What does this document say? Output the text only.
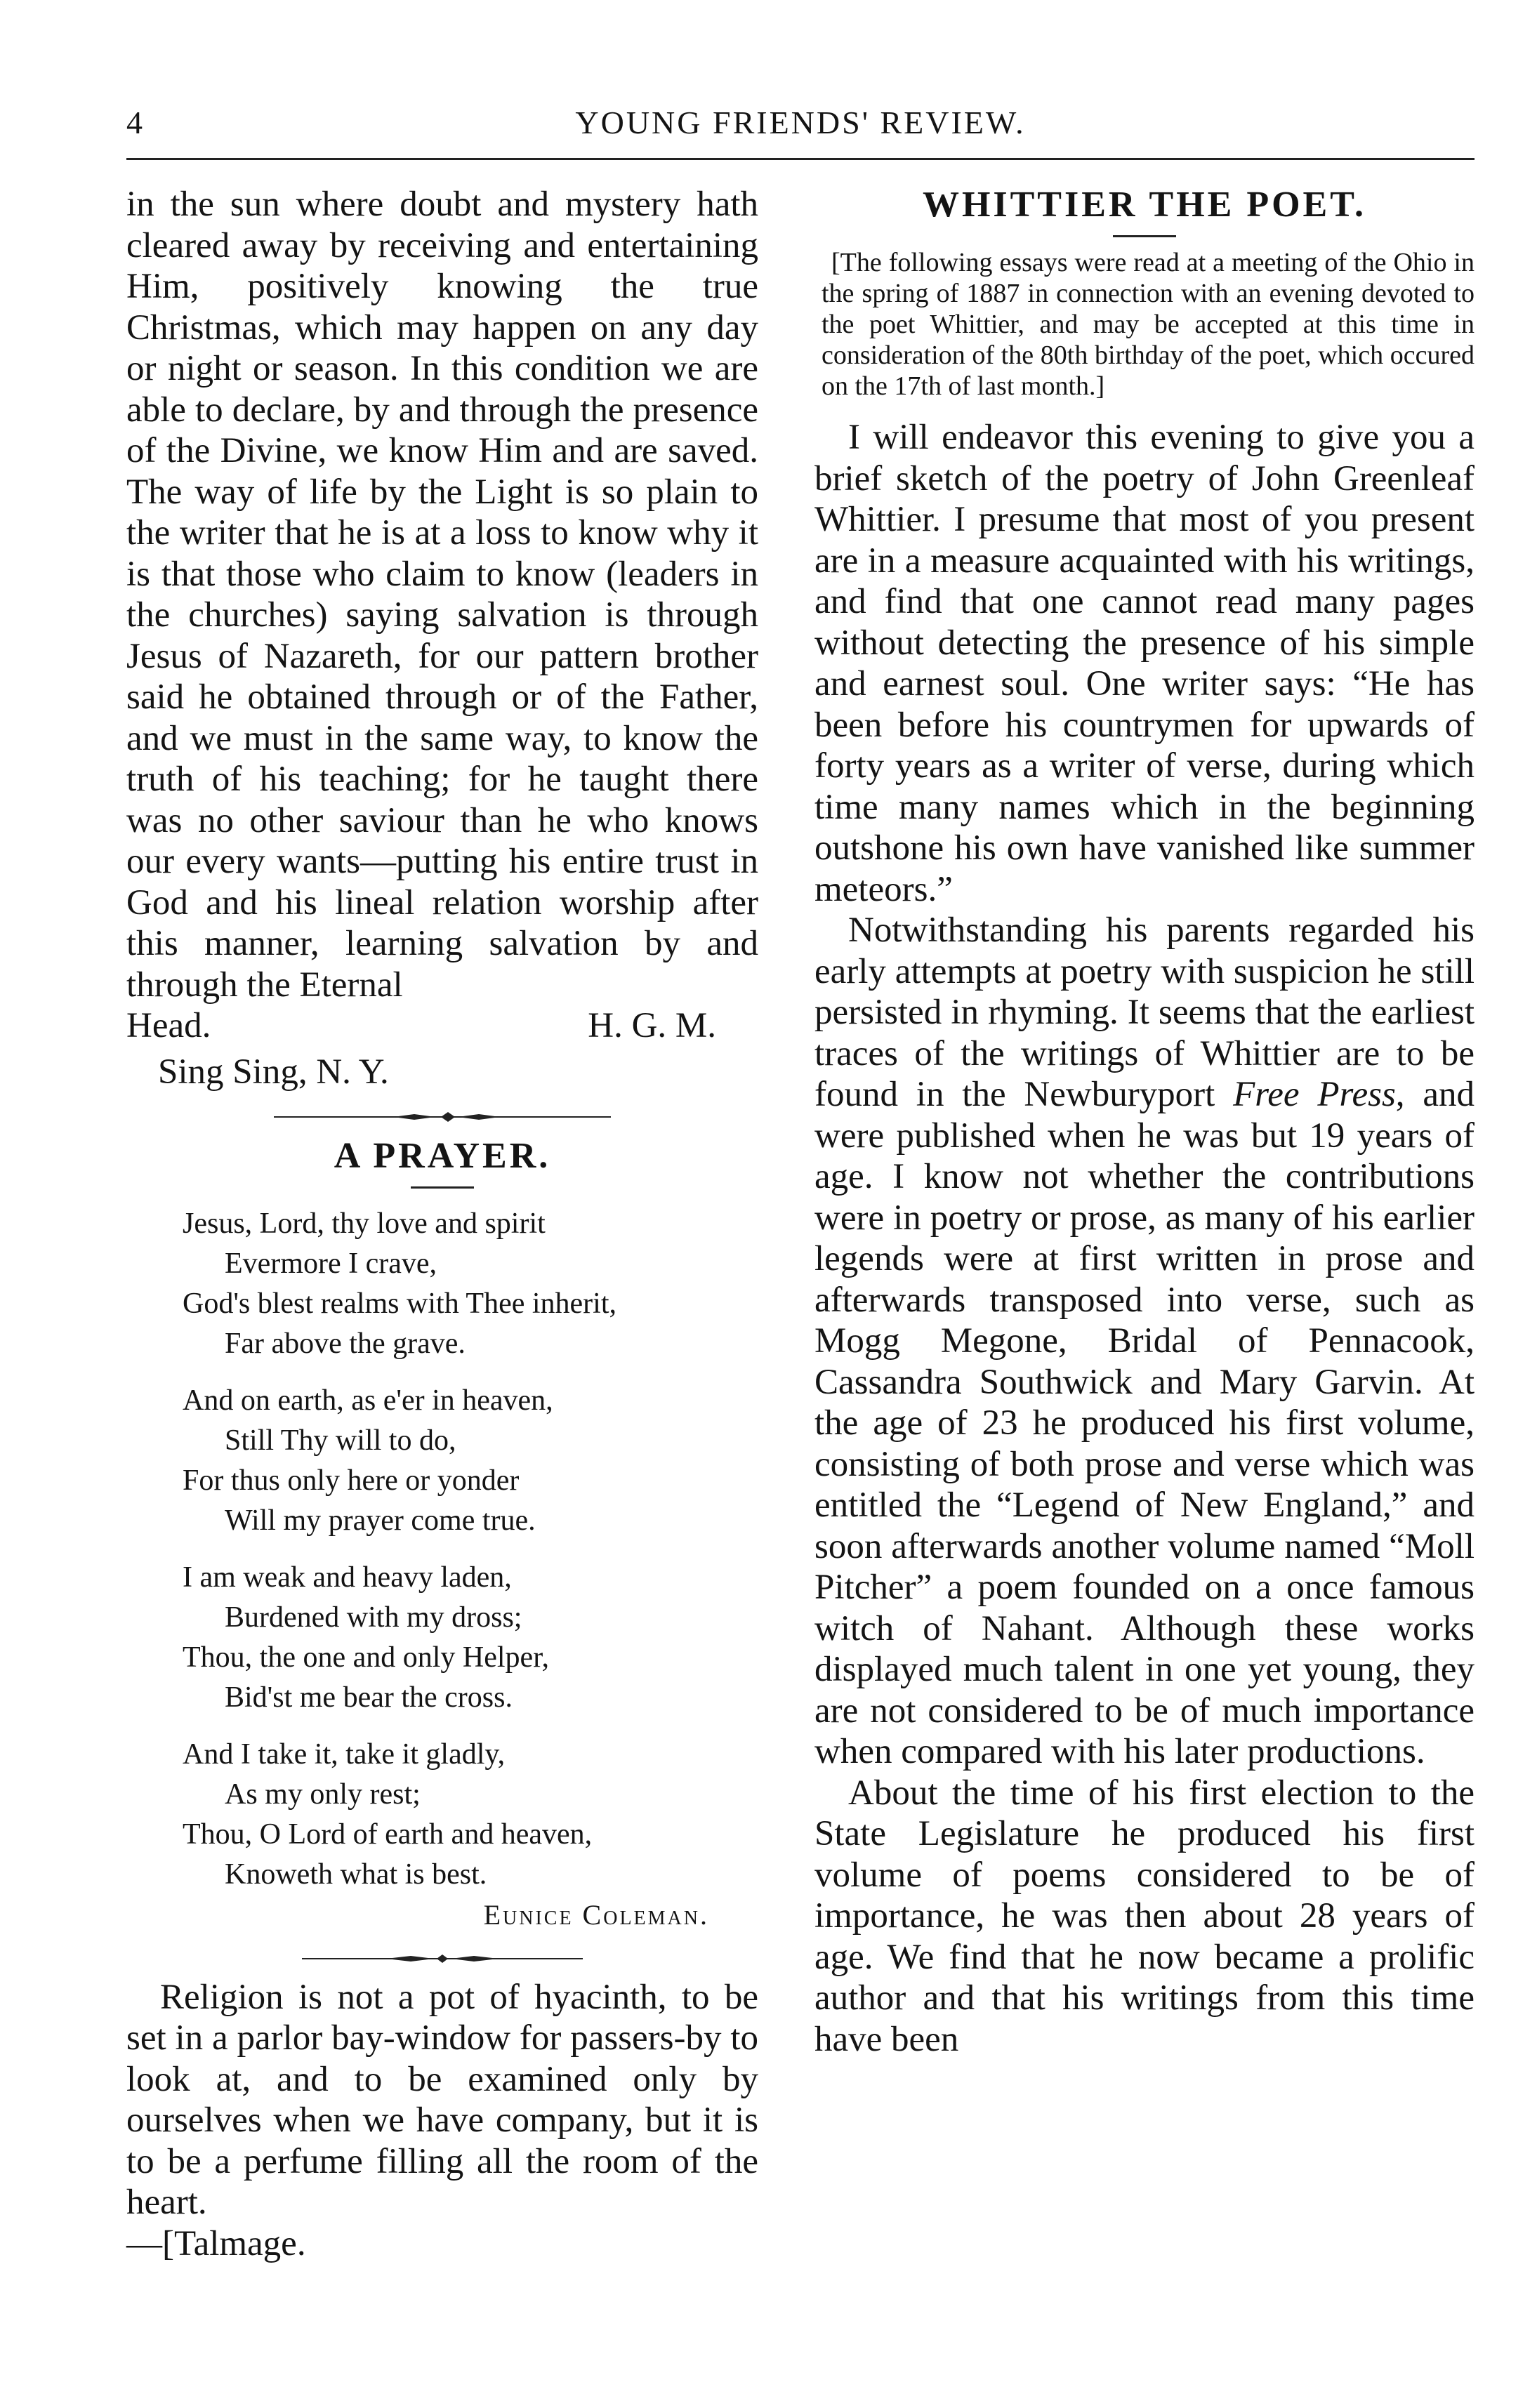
4	YOUNG FRIENDS' REVIEW.

in the sun where doubt and mystery hath cleared away by receiving and entertaining Him, positively knowing the true Christmas, which may happen on any day or night or season. In this condition we are able to declare, by and through the presence of the Divine, we know Him and are saved. The way of life by the Light is so plain to the writer that he is at a loss to know why it is that those who claim to know (leaders in the churches) saying salvation is through Jesus of Nazareth, for our pattern brother said he obtained through or of the Father, and we must in the same way, to know the truth of his teaching; for he taught there was no other saviour than he who knows our every wants—putting his entire trust in God and his lineal relation worship after this manner, learning salvation by and through the Eternal

Head.	H. G. M.

Sing Sing, N. Y.

A PRAYER.

Jesus, Lord, thy love and spirit

Evermore I crave,

God's blest realms with Thee inherit,

Far above the grave.

And on earth, as e'er in heaven,

Still Thy will to do,

For thus only here or yonder

Will my prayer come true.

I am weak and heavy laden,

Burdened with my dross;

Thou, the one and only Helper,

Bid'st me bear the cross.

And I take it, take it gladly,

As my only rest;

Thou, O Lord of earth and heaven,

Knoweth what is best.

Eunice Coleman.

Religion is not a pot of hyacinth, to be set in a parlor bay-window for passers-by to look at, and to be examined only by ourselves when we have company, but it is to be a perfume filling all the room of the heart.

—[Talmage.

WHITTIER THE POET.

[The following essays were read at a meeting of the Ohio in the spring of 1887 in connection with an evening devoted to the poet Whittier, and may be accepted at this time in consideration of the 80th birthday of the poet, which occured on the 17th of last month.]

I will endeavor this evening to give you a brief sketch of the poetry of John Greenleaf Whittier. I presume that most of you present are in a measure acquainted with his writings, and find that one cannot read many pages without detecting the presence of his simple and earnest soul. One writer says: “He has been before his countrymen for upwards of forty years as a writer of verse, during which time many names which in the beginning outshone his own have vanished like summer meteors.”

Notwithstanding his parents regarded his early attempts at poetry with suspicion he still persisted in rhyming. It seems that the earliest traces of the writings of Whittier are to be found in the Newburyport Free Press, and were published when he was but 19 years of age. I know not whether the contributions were in poetry or prose, as many of his earlier legends were at first written in prose and afterwards transposed into verse, such as Mogg Megone, Bridal of Pennacook, Cassandra Southwick and Mary Garvin. At the age of 23 he produced his first volume, consisting of both prose and verse which was entitled the “Legend of New England,” and soon afterwards another volume named “Moll Pitcher” a poem founded on a once famous witch of Nahant. Although these works displayed much talent in one yet young, they are not considered to be of much importance when compared with his later productions.

About the time of his first election to the State Legislature he produced his first volume of poems considered to be of importance, he was then about 28 years of age. We find that he now became a prolific author and that his writings from this time have been
